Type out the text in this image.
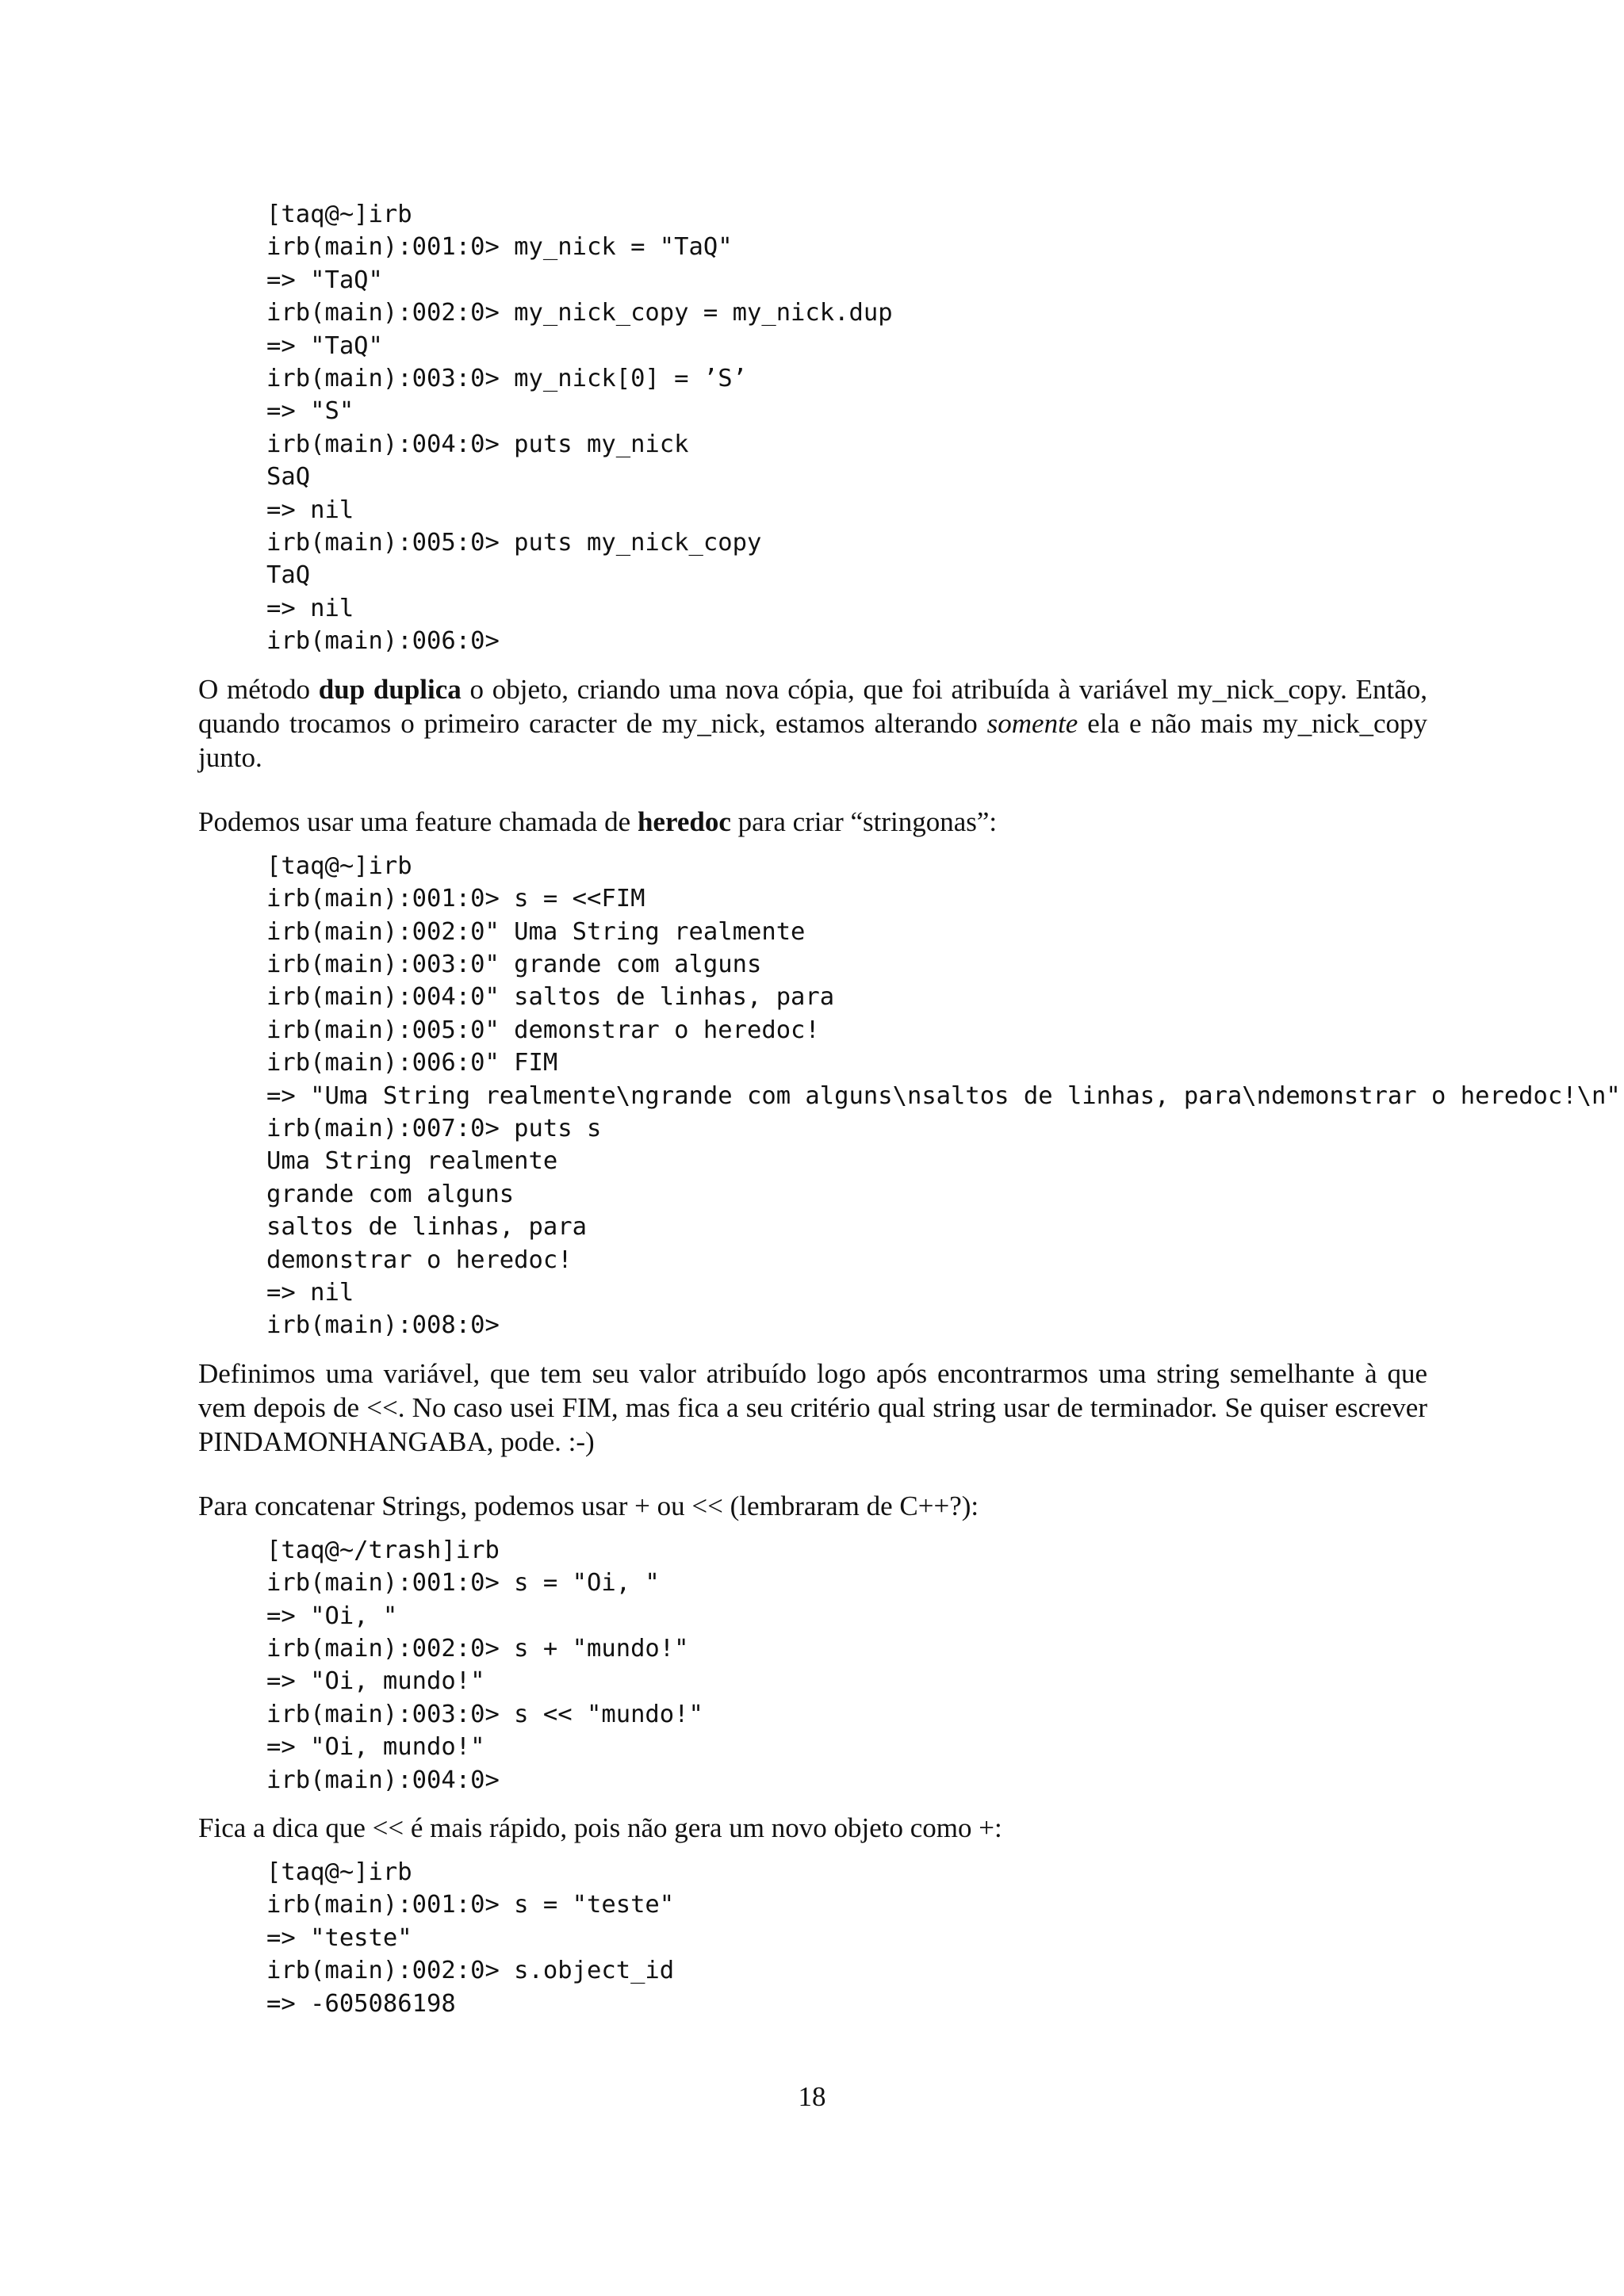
[taq@~]irb
irb(main):001:0> my_nick = "TaQ"
=> "TaQ"
irb(main):002:0> my_nick_copy = my_nick.dup
=> "TaQ"
irb(main):003:0> my_nick[0] = ’S’
=> "S"
irb(main):004:0> puts my_nick
SaQ
=> nil
irb(main):005:0> puts my_nick_copy
TaQ
=> nil
irb(main):006:0>

O método dup duplica o objeto, criando uma nova cópia, que foi atribuída à variável my_nick_copy. Então, quando trocamos o primeiro caracter de my_nick, estamos alterando somente ela e não mais my_nick_copy junto.

Podemos usar uma feature chamada de heredoc para criar “stringonas”:

[taq@~]irb
irb(main):001:0> s = <<FIM
irb(main):002:0" Uma String realmente
irb(main):003:0" grande com alguns
irb(main):004:0" saltos de linhas, para
irb(main):005:0" demonstrar o heredoc!
irb(main):006:0" FIM
=> "Uma String realmente\ngrande com alguns\nsaltos de linhas, para\ndemonstrar o heredoc!\n"
irb(main):007:0> puts s
Uma String realmente
grande com alguns
saltos de linhas, para
demonstrar o heredoc!
=> nil
irb(main):008:0>

Definimos uma variável, que tem seu valor atribuído logo após encontrarmos uma string semelhante à que vem depois de <<. No caso usei FIM, mas fica a seu critério qual string usar de terminador. Se quiser escrever PINDAMONHANGABA, pode. :-)

Para concatenar Strings, podemos usar + ou << (lembraram de C++?):

[taq@~/trash]irb
irb(main):001:0> s = "Oi, "
=> "Oi, "
irb(main):002:0> s + "mundo!"
=> "Oi, mundo!"
irb(main):003:0> s << "mundo!"
=> "Oi, mundo!"
irb(main):004:0>

Fica a dica que << é mais rápido, pois não gera um novo objeto como +:

[taq@~]irb
irb(main):001:0> s = "teste"
=> "teste"
irb(main):002:0> s.object_id
=> -605086198
18
